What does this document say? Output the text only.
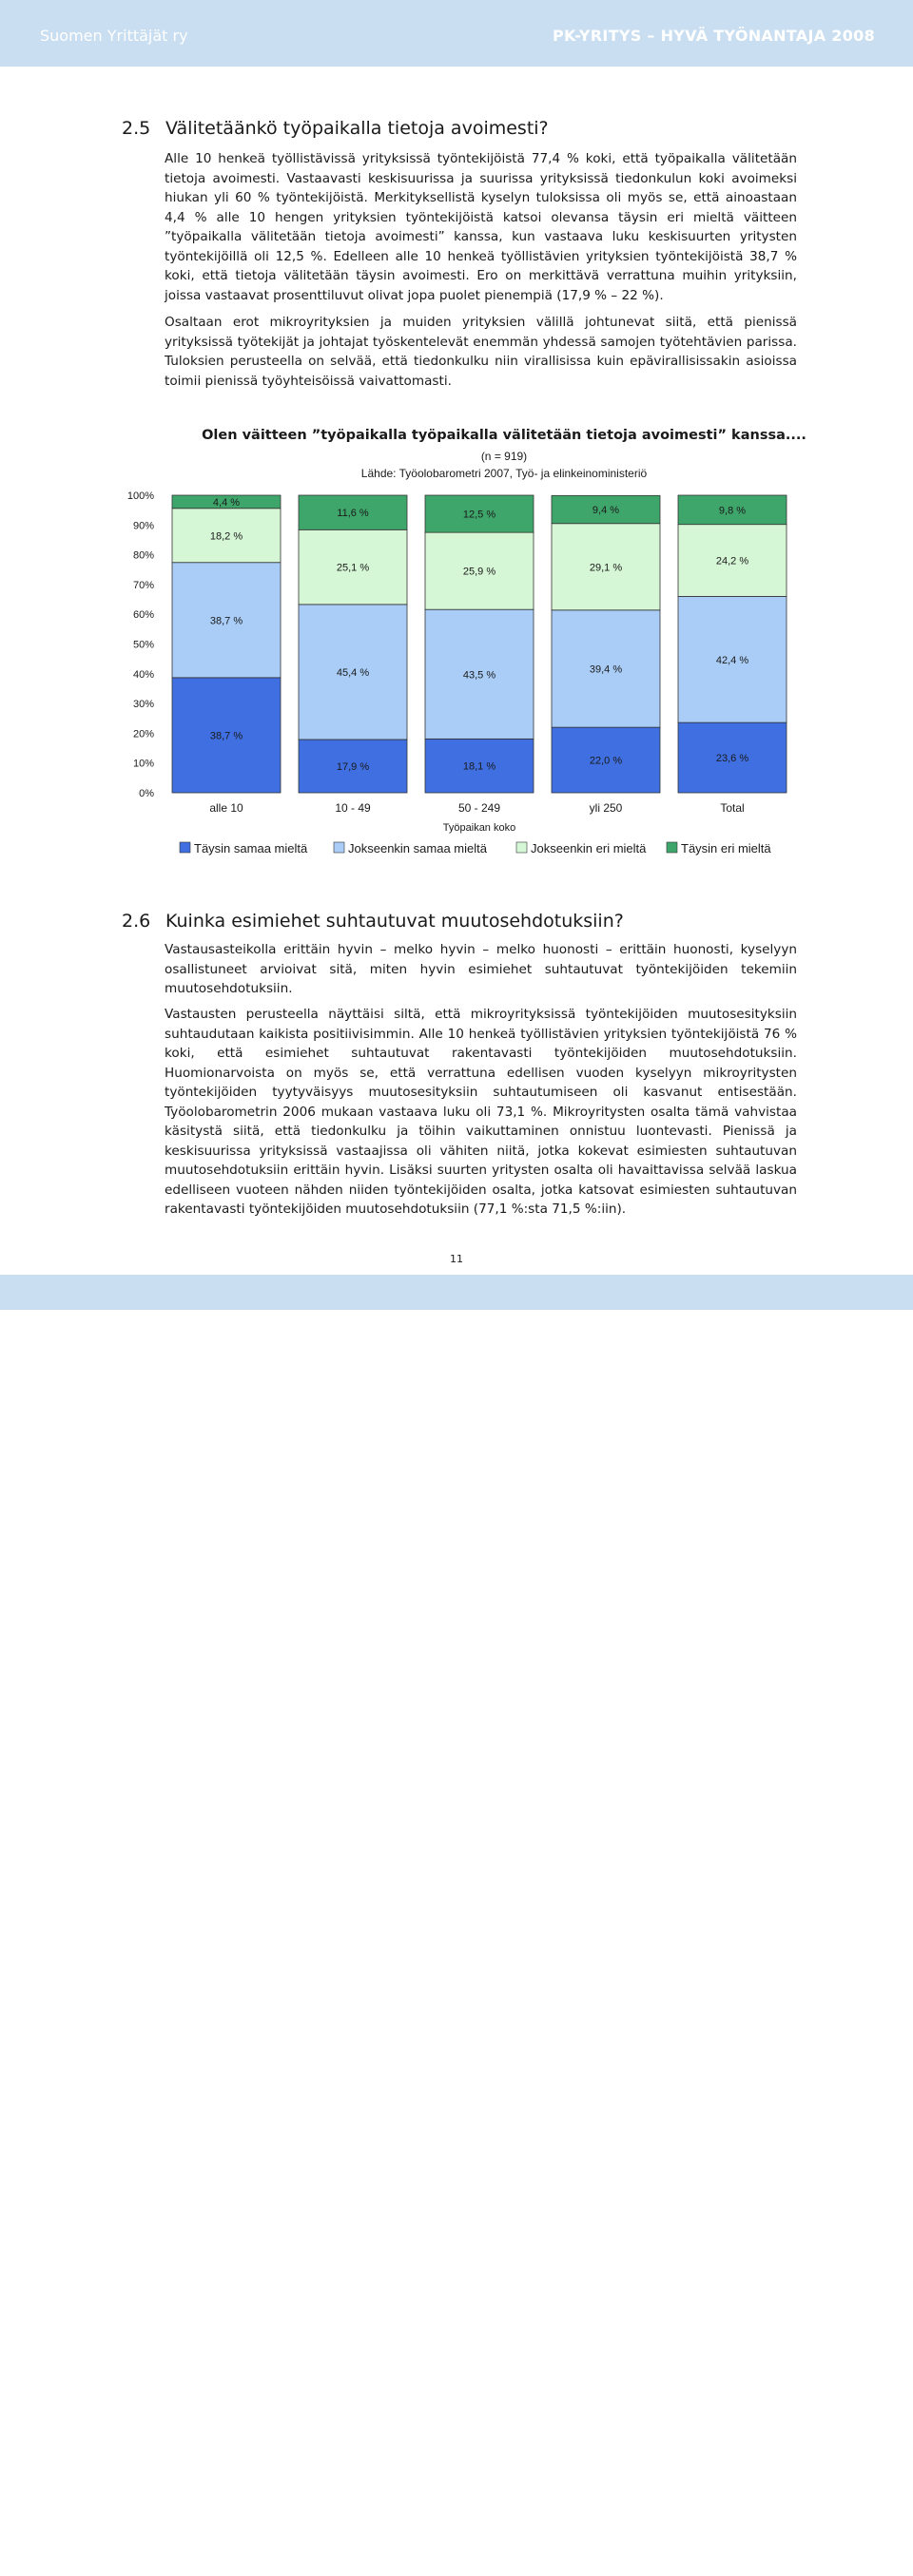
Suomen Yrittäjät ry	PK-YRITYS – HYVÄ TYÖNANTAJA 2008
2.5 Välitetäänkö työpaikalla tietoja avoimesti?
Alle 10 henkeä työllistävissä yrityksissä työntekijöistä 77,4 % koki, että työpaikalla välitetään tietoja avoimesti. Vastaavasti keskisuurissa ja suurissa yrityksissä tiedonkulun koki avoimeksi hiukan yli 60 % työntekijöistä. Merkityksellistä kyselyn tuloksissa oli myös se, että ainoastaan 4,4 % alle 10 hengen yrityksien työntekijöistä katsoi olevansa täysin eri mieltä väitteen ”työpaikalla välitetään tietoja avoimesti” kanssa, kun vastaava luku keskisuurten yritysten työntekijöillä oli 12,5 %. Edelleen alle 10 henkeä työllistävien yrityksien työntekijöistä 38,7 % koki, että tietoja välitetään täysin avoimesti. Ero on merkittävä verrattuna muihin yrityksiin, joissa vastaavat prosenttiluvut olivat jopa puolet pienempiä (17,9 % – 22 %).
Osaltaan erot mikroyrityksien ja muiden yrityksien välillä johtunevat siitä, että pienissä yrityksissä työtekijät ja johtajat työskentelevät enemmän yhdessä samojen työtehtävien parissa. Tuloksien perusteella on selvää, että tiedonkulku niin virallisissa kuin epävirallisissakin asioissa toimii pienissä työyhteisöissä vaivattomasti.
Olen väitteen ”työpaikalla työpaikalla välitetään tietoja avoimesti” kanssa....
(n = 919)
Lähde: Työolobarometri 2007, Työ- ja elinkeinoministeriö
0%
10%
20%
30%
40%
50%
60%
70%
80%
90%
100%
38,7 %
38,7 %
18,2 %
4,4 %
alle 10
17,9 %
45,4 %
25,1 %
11,6 %
10 - 49
18,1 %
43,5 %
25,9 %
12,5 %
50 - 249
22,0 %
39,4 %
29,1 %
9,4 %
yli 250
23,6 %
42,4 %
24,2 %
9,8 %
Total
Työpaikan koko
Täysin samaa mieltä	Jokseenkin samaa mieltä	Jokseenkin eri mieltä	Täysin eri mieltä
2.6 Kuinka esimiehet suhtautuvat muutosehdotuksiin?
Vastausasteikolla erittäin hyvin – melko hyvin – melko huonosti – erittäin huonosti, kyselyyn osallistuneet arvioivat sitä, miten hyvin esimiehet suhtautuvat työntekijöiden tekemiin muutosehdotuksiin.
Vastausten perusteella näyttäisi siltä, että mikroyrityksissä työntekijöiden muutosesityksiin suhtaudutaan kaikista positiivisimmin. Alle 10 henkeä työllistävien yrityksien työntekijöistä 76 % koki, että esimiehet suhtautuvat rakentavasti työntekijöiden muutosehdotuksiin. Huomionarvoista on myös se, että verrattuna edellisen vuoden kyselyyn mikroyritysten työntekijöiden tyytyväisyys muutosesityksiin suhtautumiseen oli kasvanut entisestään. Työolobarometrin 2006 mukaan vastaava luku oli 73,1 %. Mikroyritysten osalta tämä vahvistaa käsitystä siitä, että tiedonkulku ja töihin vaikuttaminen onnistuu luontevasti. Pienissä ja keskisuurissa yrityksissä vastaajissa oli vähiten niitä, jotka kokevat esimiesten suhtautuvan muutosehdotuksiin erittäin hyvin. Lisäksi suurten yritysten osalta oli havaittavissa selvää laskua edelliseen vuoteen nähden niiden työntekijöiden osalta, jotka katsovat esimiesten suhtautuvan rakentavasti työntekijöiden muutosehdotuksiin (77,1 %:sta 71,5 %:iin).
11
yrittajat.fi
